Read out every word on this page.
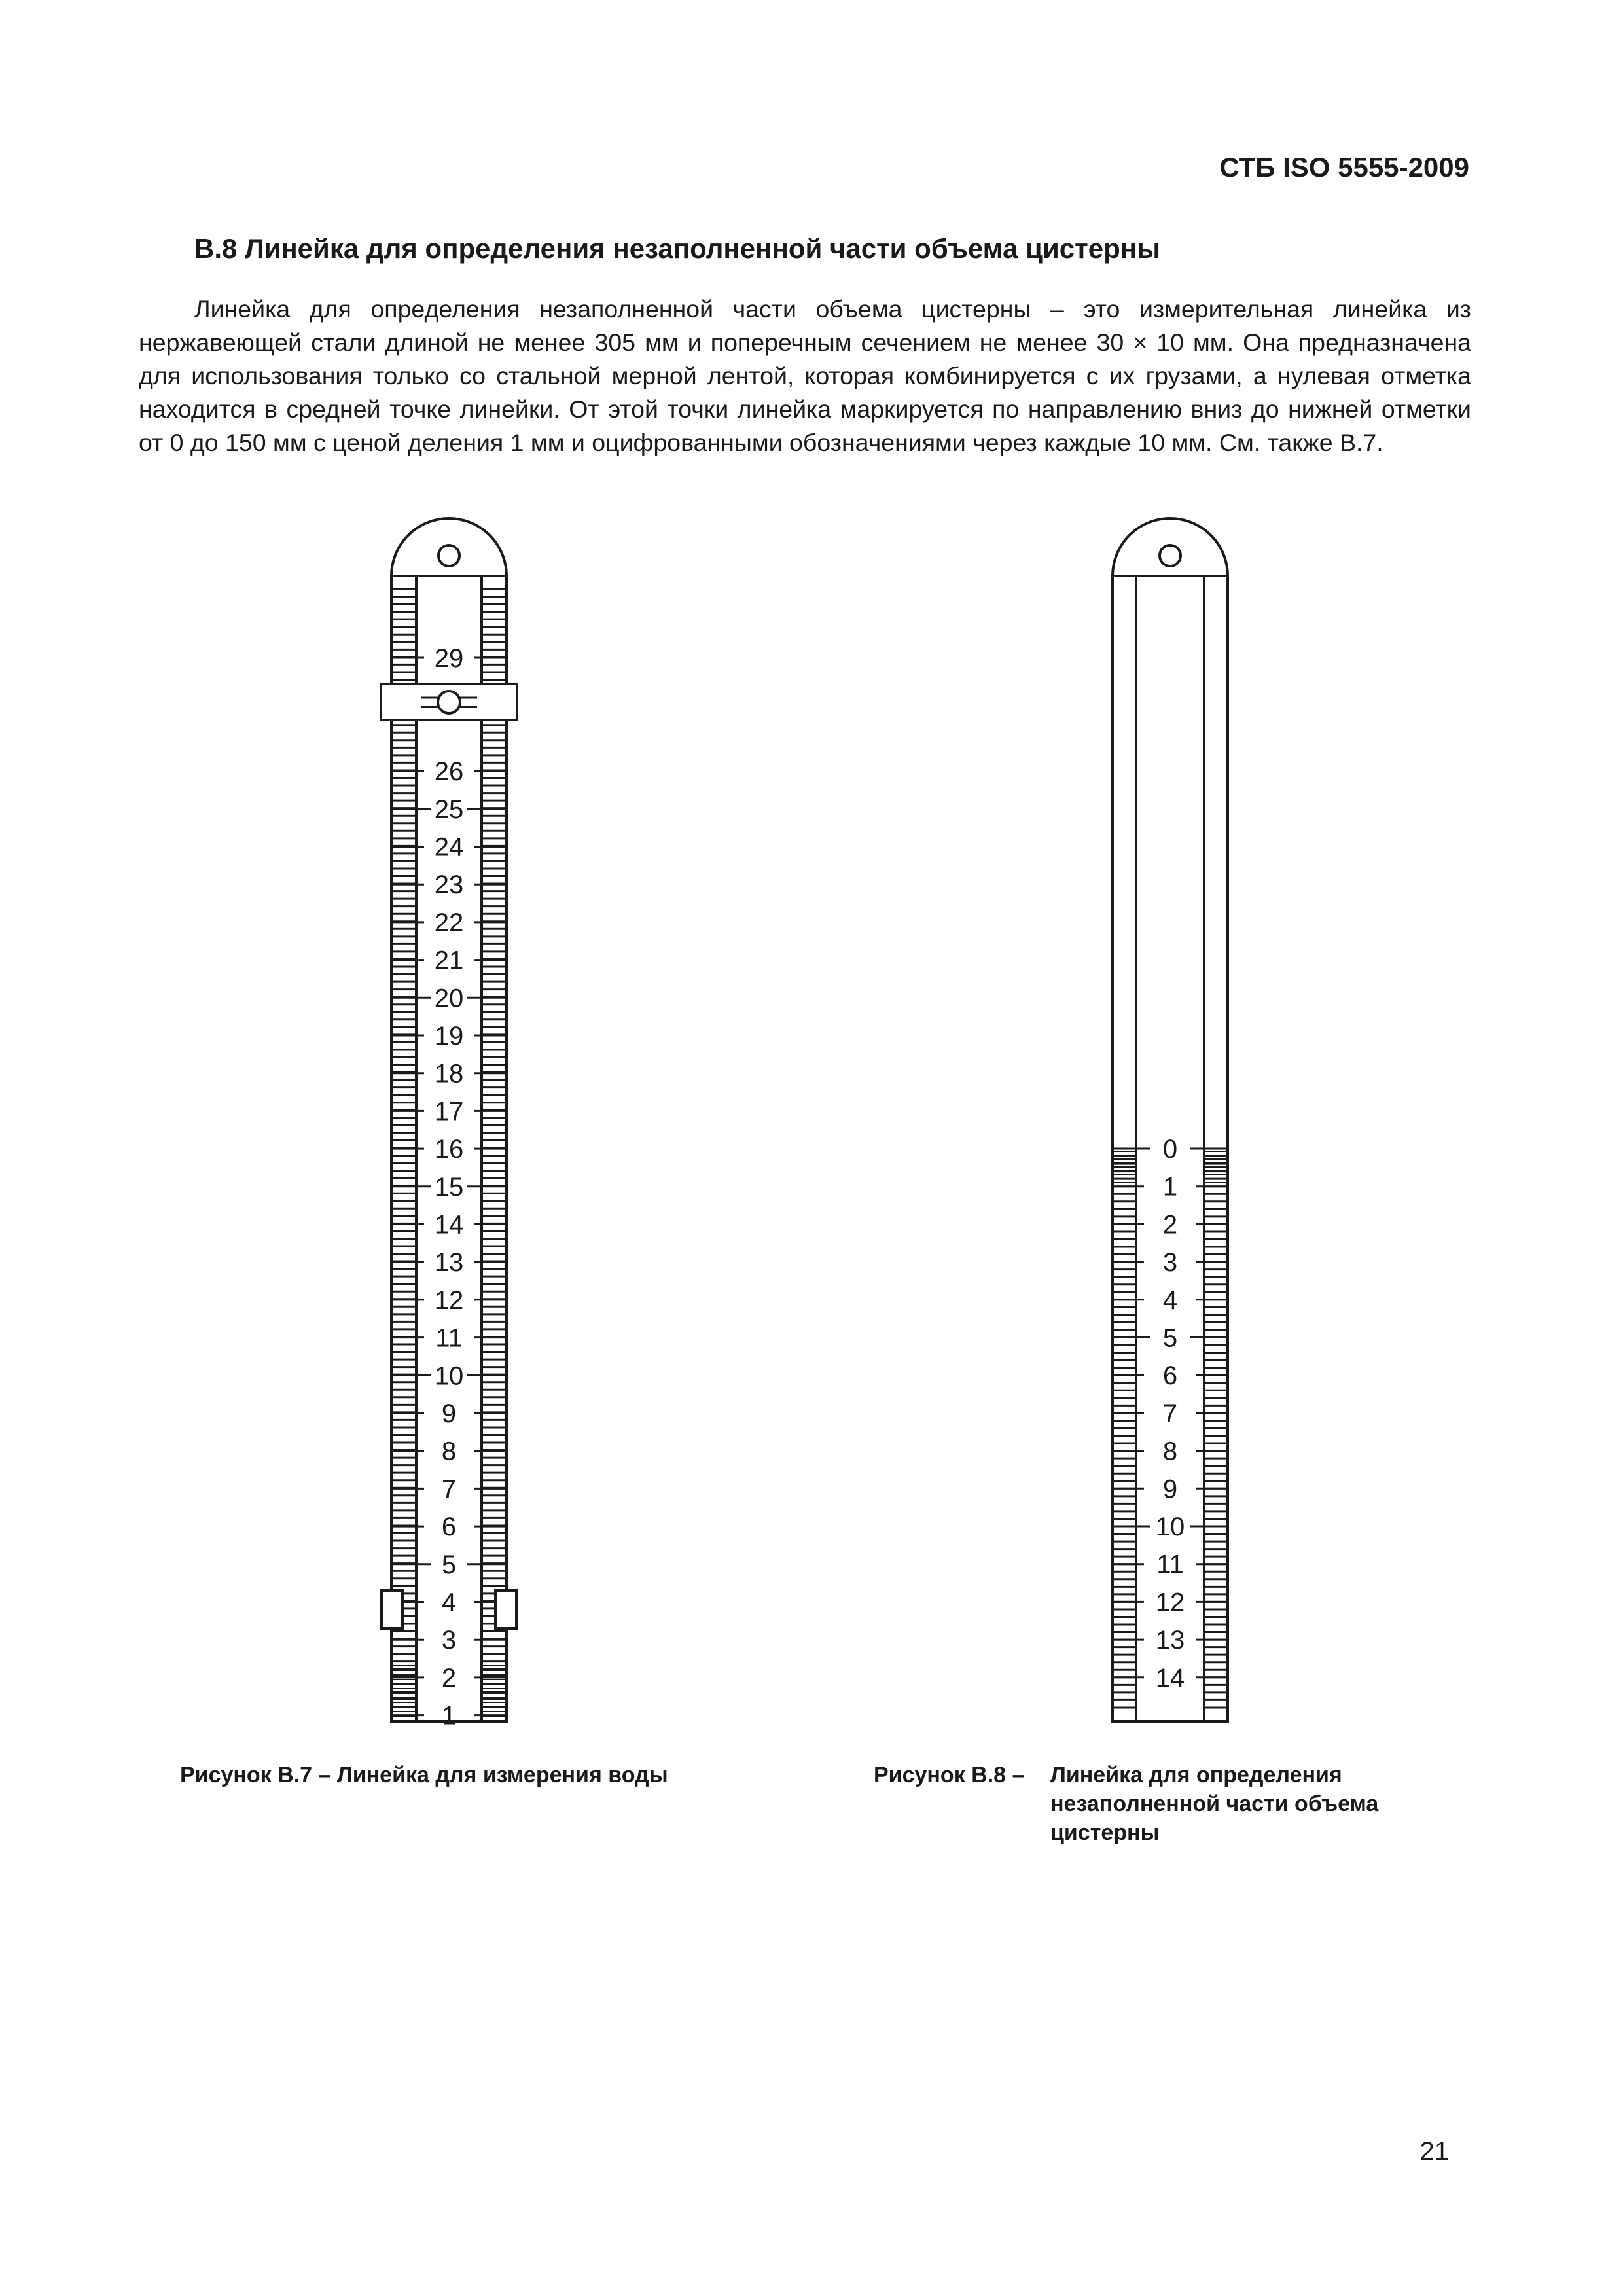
СТБ ISO 5555-2009
B.8 Линейка для определения незаполненной части объема цистерны
Линейка для определения незаполненной части объема цистерны – это измерительная линейка из нержавеющей стали длиной не менее 305 мм и поперечным сечением не менее 30 × 10 мм. Она предназначена для использования только со стальной мерной лентой, которая комбинируется с их грузами, а нулевая отметка находится в средней точке линейки. От этой точки линейка маркируется по направлению вниз до нижней отметки от 0 до 150 мм с ценой деления 1 мм и оцифрованными обозначениями через каждые 10 мм. См. также B.7.
29
26
25
24
23
22
21
20
19
18
17
16
15
14
13
12
11
10
9
8
7
6
5
4
3
2
1
0
1
2
3
4
5
6
7
8
9
10
11
12
13
14
Рисунок B.7 – Линейка для измерения воды	Рисунок B.8 – Линейка для определения
незаполненной части объема
цистерны
21
